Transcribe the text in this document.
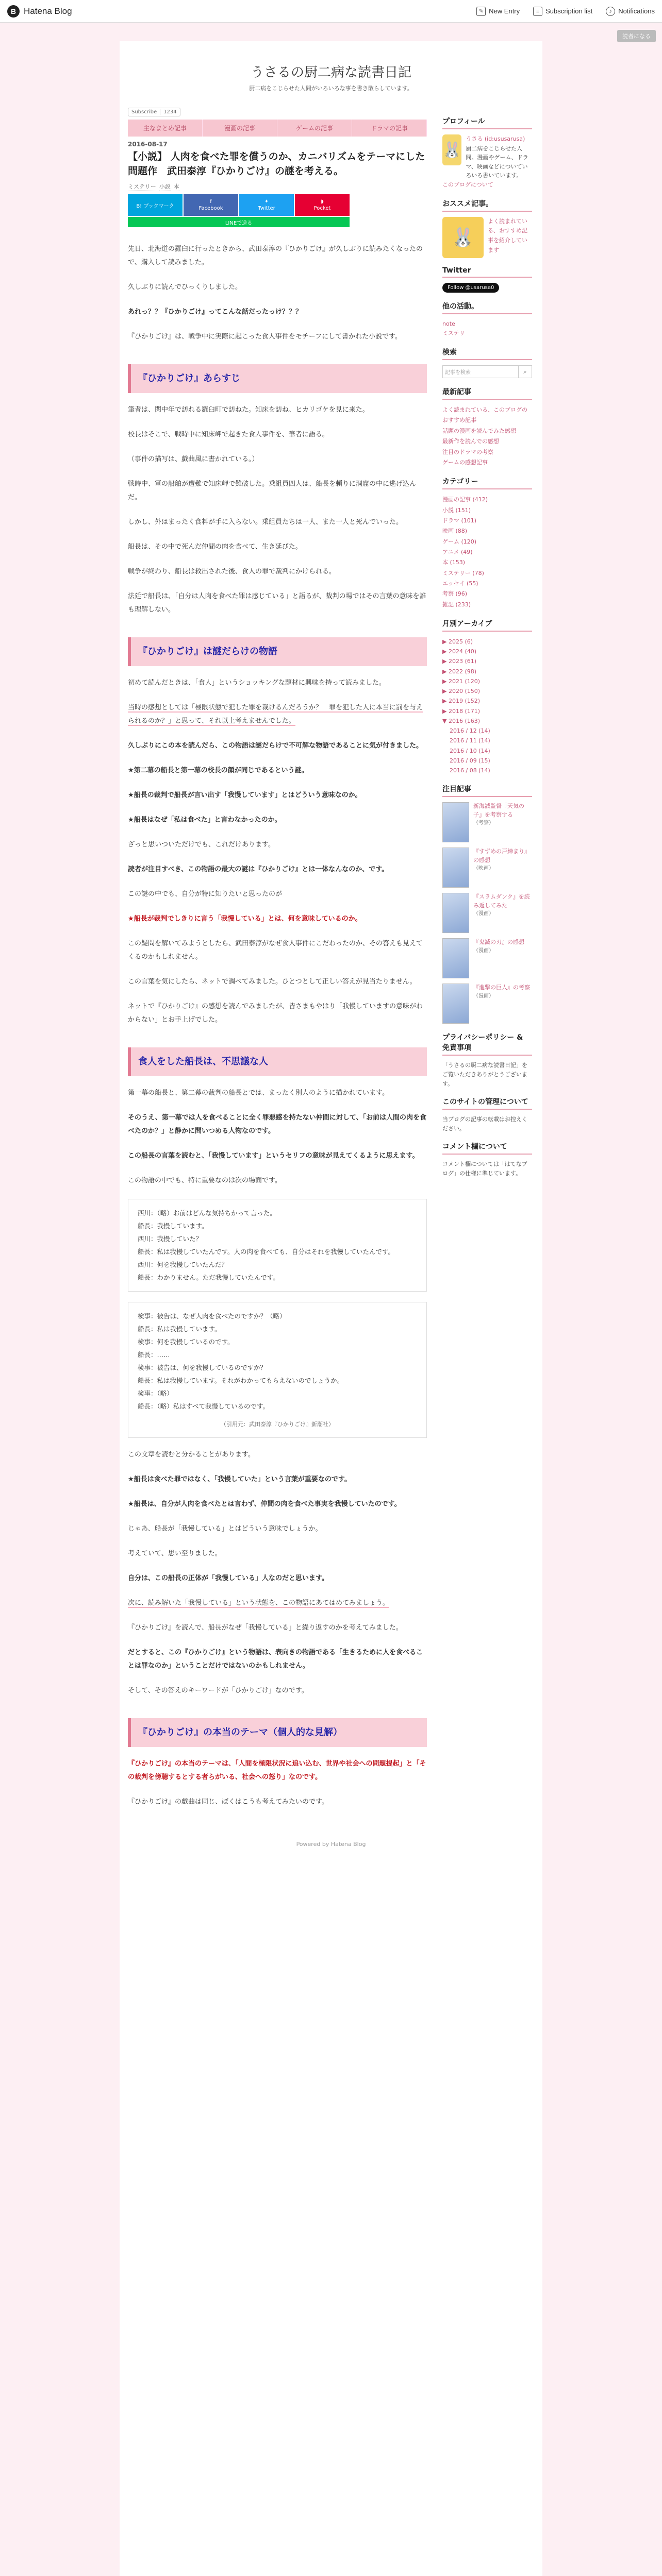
B Hatena Blog	✎ New Entry	≡ Subscription list	♪ Notifications
読者になる
うさるの厨二病な読書日記
厨二病をこじらせた人間がいろいろな事を書き散らしています。
Subscribe	1234
主なまとめ記事	漫画の記事	ゲームの記事	ドラマの記事
2016-08-17
【小説】 人肉を食べた罪を償うのか、カニバリズムをテーマにした問題作　武田泰淳『ひかりごけ』の謎を考える。
ミステリー 小説 本
B! ブックマーク
f
Facebook
✦
Twitter
◗
Pocket
LINEで送る

先日、北海道の羅臼に行ったときから、武田泰淳の『ひかりごけ』が久しぶりに読みたくなったので、購入して読みました。

久しぶりに読んでひっくりしました。

あれっ？？『ひかりごけ』ってこんな話だったっけ？？？

『ひかりごけ』は、戦争中に実際に起こった食人事件をモチーフにして書かれた小説です。

『ひかりごけ』あらすじ

筆者は、関中年で訪れる羅臼町で訪ねた。知床を訪ね、ヒカリゴケを見に来た。

校長はそこで、戦時中に知床岬で起きた食人事件を、筆者に語る。

（事件の描写は、戯曲風に書かれている。）

戦時中、軍の船舶が遭難で知床岬で難破した。乗組員四人は、船長を頼りに洞窟の中に逃げ込んだ。

しかし、外はまったく食料が手に入らない。乗組員たちは一人、また一人と死んでいった。

船長は、その中で死んだ仲間の肉を食べて、生き延びた。

戦争が終わり、船長は救出された後、食人の罪で裁判にかけられる。

法廷で船長は、「自分は人肉を食べた罪は感じている」と語るが、裁判の場ではその言葉の意味を誰も理解しない。

『ひかりごけ』は謎だらけの物語

初めて読んだときは、「食人」というショッキングな題材に興味を持って読みました。

当時の感想としては「極限状態で犯した罪を裁けるんだろうか？　罪を犯した人に本当に罰を与えられるのか？」と思って、それ以上考えませんでした。

久しぶりにこの本を読んだら、この物語は謎だらけで不可解な物語であることに気が付きました。

★第二幕の船長と第一幕の校長の顔が同じであるという謎。

★船長の裁判で船長が言い出す「我慢しています」とはどういう意味なのか。

★船長はなぜ「私は食べた」と言わなかったのか。

ざっと思いついただけでも、これだけあります。

読者が注目すべき、この物語の最大の謎は『ひかりごけ』とは一体なんなのか、です。

この謎の中でも、自分が特に知りたいと思ったのが

★船長が裁判でしきりに言う「我慢している」とは、何を意味しているのか。

この疑問を解いてみようとしたら、武田泰淳がなぜ食人事件にこだわったのか、その答えも見えてくるのかもしれません。

この言葉を気にしたら、ネットで調べてみました。ひとつとして正しい答えが見当たりません。

ネットで『ひかりごけ』の感想を読んでみましたが、皆さまもやはり「我慢していますの意味がわからない」とお手上げでした。

食人をした船長は、不思議な人

第一幕の船長と、第二幕の裁判の船長とでは、まったく別人のように描かれています。

そのうえ、第一幕では人を食べることに全く罪悪感を持たない仲間に対して、「お前は人間の肉を食べたのか？」と静かに問いつめる人物なのです。

この船長の言葉を読むと、「我慢しています」というセリフの意味が見えてくるように思えます。

この物語の中でも、特に重要なのは次の場面です。

西川：（略）お前はどんな気持ちかって言った。
船長：我慢しています。
西川：我慢していた？
船長：私は我慢していたんです。人の肉を食べても、自分はそれを我慢していたんです。
西川：何を我慢していたんだ？
船長：わかりません。ただ我慢していたんです。
検事：被告は、なぜ人肉を食べたのですか？（略）
船長：私は我慢しています。
検事：何を我慢しているのです。
船長：……
検事：被告は、何を我慢しているのですか？
船長：私は我慢しています。それがわかってもらえないのでしょうか。
検事：（略）
船長：（略）私はすべて我慢しているのです。
（引用元：武田泰淳『ひかりごけ』新潮社）

この文章を読むと分かることがあります。

★船長は食べた罪ではなく、「我慢していた」という言葉が重要なのです。

★船長は、自分が人肉を食べたとは言わず、仲間の肉を食べた事実を我慢していたのです。

じゃあ、船長が「我慢している」とはどういう意味でしょうか。

考えていて、思い至りました。

自分は、この船長の正体が「我慢している」人なのだと思います。

次に、読み解いた「我慢している」という状態を、この物語にあてはめてみましょう。

『ひかりごけ』を読んで、船長がなぜ「我慢している」と繰り返すのかを考えてみました。

だとすると、この『ひかりごけ』という物語は、表向きの物語である「生きるために人を食べることは罪なのか」ということだけではないのかもしれません。

そして、その答えのキーワードが「ひかりごけ」なのです。

『ひかりごけ』の本当のテーマ（個人的な見解）

『ひかりごけ』の本当のテーマは、「人間を極限状況に追い込む、世界や社会への問題提起」と「その裁判を傍聴するとする者らがいる、社会への怒り」なのです。

『ひかりごけ』の戯曲は同じ、ぼくはこうも考えてみたいのです。

プロフィール
🐰
うさる (id:ususarusa)
厨二病をこじらせた人間。漫画やゲーム、ドラマ、映画などについていろいろ書いています。
このブログについて
おススメ記事。
🐰
よく読まれている、おすすめ記事を紹介しています
Twitter
Follow @usarusa0
他の活動。
note
ミステリ
検索
記事を検索	⌕
最新記事
よく読まれている、このブログのおすすめ記事
話題の漫画を読んでみた感想
最新作を読んでの感想
注目のドラマの考察
ゲームの感想記事
カテゴリー
漫画の記事 (412)
小説 (151)
ドラマ (101)
映画 (88)
ゲーム (120)
アニメ (49)
本 (153)
ミステリー (78)
エッセイ (55)
考察 (96)
雑記 (233)
月別アーカイブ
▶ 2025 (6)
▶ 2024 (40)
▶ 2023 (61)
▶ 2022 (98)
▶ 2021 (120)
▶ 2020 (150)
▶ 2019 (152)
▶ 2018 (171)
▼ 2016 (163)
2016 / 12 (14)
2016 / 11 (14)
2016 / 10 (14)
2016 / 09 (15)
2016 / 08 (14)
注目記事
新海誠監督『天気の子』を考察する
（考察）
『すずめの戸締まり』の感想
（映画）
『スラムダンク』を読み返してみた
（漫画）
『鬼滅の刃』の感想
（漫画）
『進撃の巨人』の考察
（漫画）
プライバシーポリシー & 免責事項
「うさるの厨二病な読書日記」をご覧いただきありがとうございます。
このサイトの管理について
当ブログの記事の転載はお控えください。
コメント欄について
コメント欄については「はてなブログ」の仕様に準じています。
Powered by Hatena Blog
